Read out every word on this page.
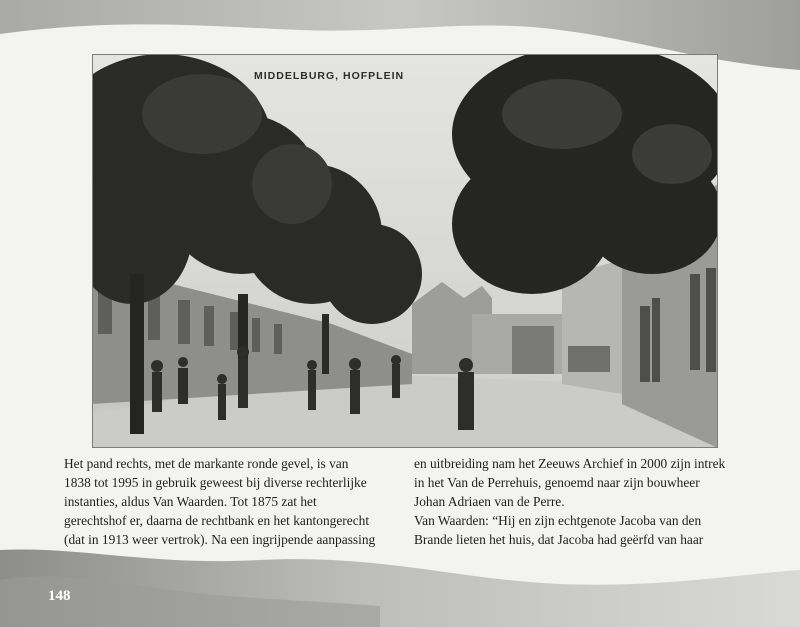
MIDDELBURG, HOFPLEIN
Het pand rechts, met de markante ronde gevel, is van
1838 tot 1995 in gebruik geweest bij diverse rechterlijke
instanties, aldus Van Waarden. Tot 1875 zat het
gerechtshof er, daarna de rechtbank en het kantongerecht
(dat in 1913 weer vertrok). Na een ingrijpende aanpassing
en uitbreiding nam het Zeeuws Archief in 2000 zijn intrek
in het Van de Perrehuis, genoemd naar zijn bouwheer
Johan Adriaen van de Perre.
Van Waarden: “Hij en zijn echtgenote Jacoba van den
Brande lieten het huis, dat Jacoba had geërfd van haar
148
